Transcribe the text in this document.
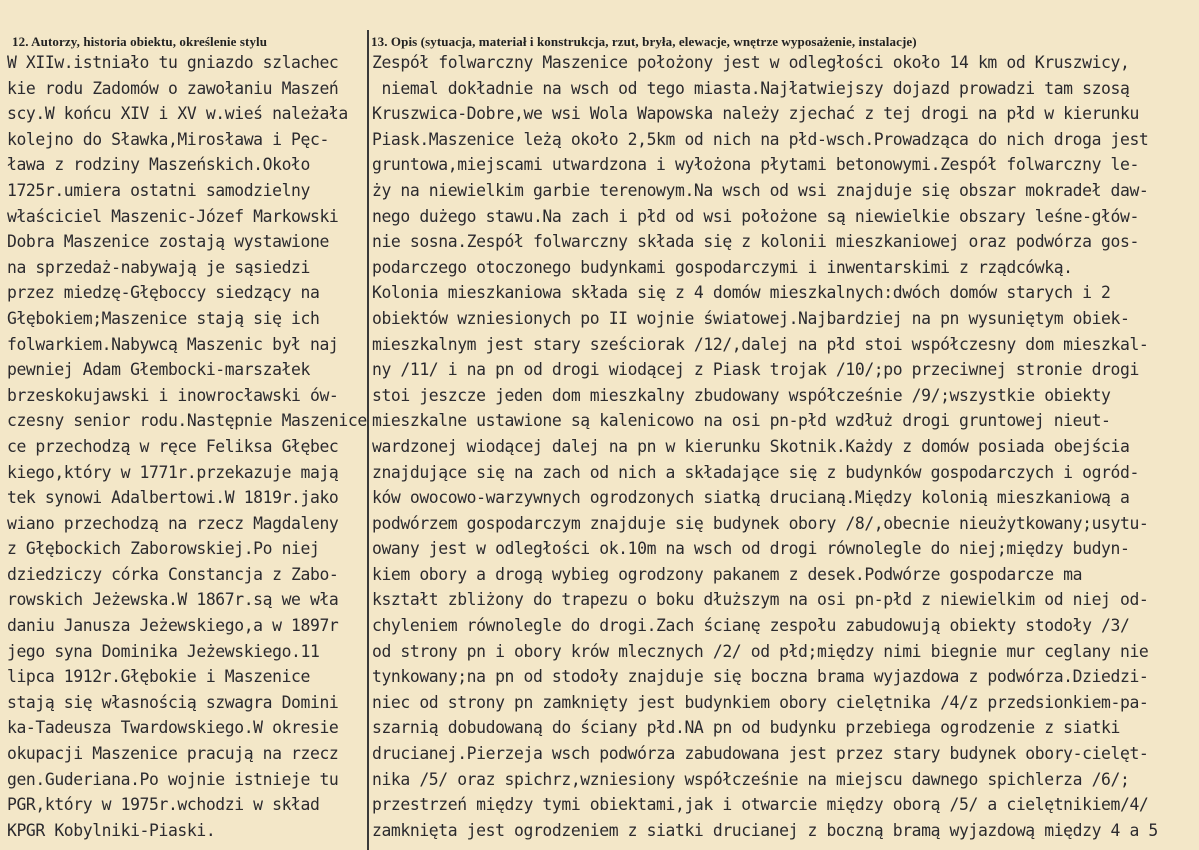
12. Autorzy, historia obiektu, określenie stylu	13. Opis (sytuacja, materiał i konstrukcja, rzut, bryła, elewacje, wnętrze wyposażenie, instalacje)
W XIIw.istniało tu gniazdo szlachec
kie rodu Zadomów o zawołaniu Maszeń
scy.W końcu XIV i XV w.wieś należała
kolejno do Sławka,Mirosława i Pęc-
ława z rodziny Maszeńskich.Około
1725r.umiera ostatni samodzielny
właściciel Maszenic-Józef Markowski
Dobra Maszenice zostają wystawione
na sprzedaż-nabywają je sąsiedzi
przez miedzę-Głęboccy siedzący na
Głębokiem;Maszenice stają się ich
folwarkiem.Nabywcą Maszenic był naj
pewniej Adam Głembocki-marszałek
brzeskokujawski i inowrocławski ów-
czesny senior rodu.Następnie Maszenice
ce przechodzą w ręce Feliksa Głębec
kiego,który w 1771r.przekazuje mają
tek synowi Adalbertowi.W 1819r.jako
wiano przechodzą na rzecz Magdaleny
z Głębockich Zaborowskiej.Po niej
dziedziczy córka Constancja z Zabo-
rowskich Jeżewska.W 1867r.są we wła
daniu Janusza Jeżewskiego,a w 1897r
jego syna Dominika Jeżewskiego.11
lipca 1912r.Głębokie i Maszenice
stają się własnością szwagra Domini
ka-Tadeusza Twardowskiego.W okresie
okupacji Maszenice pracują na rzecz
gen.Guderiana.Po wojnie istnieje tu
PGR,który w 1975r.wchodzi w skład
KPGR Kobylniki-Piaski.
Zespół folwarczny Maszenice położony jest w odległości około 14 km od Kruszwicy,
niemal dokładnie na wsch od tego miasta.Najłatwiejszy dojazd prowadzi tam szosą
Kruszwica-Dobre,we wsi Wola Wapowska należy zjechać z tej drogi na płd w kierunku
Piask.Maszenice leżą około 2,5km od nich na płd-wsch.Prowadząca do nich droga jest
gruntowa,miejscami utwardzona i wyłożona płytami betonowymi.Zespół folwarczny le-
ży na niewielkim garbie terenowym.Na wsch od wsi znajduje się obszar mokradeł daw-
nego dużego stawu.Na zach i płd od wsi położone są niewielkie obszary leśne-głów-
nie sosna.Zespół folwarczny składa się z kolonii mieszkaniowej oraz podwórza gos-
podarczego otoczonego budynkami gospodarczymi i inwentarskimi z rządcówką.
Kolonia mieszkaniowa składa się z 4 domów mieszkalnych:dwóch domów starych i 2
obiektów wzniesionych po II wojnie światowej.Najbardziej na pn wysuniętym obiek-
mieszkalnym jest stary sześciorak /12/,dalej na płd stoi współczesny dom mieszkal-
ny /11/ i na pn od drogi wiodącej z Piask trojak /10/;po przeciwnej stronie drogi
stoi jeszcze jeden dom mieszkalny zbudowany współcześnie /9/;wszystkie obiekty
mieszkalne ustawione są kalenicowo na osi pn-płd wzdłuż drogi gruntowej nieut-
wardzonej wiodącej dalej na pn w kierunku Skotnik.Każdy z domów posiada obejścia
znajdujące się na zach od nich a składające się z budynków gospodarczych i ogród-
ków owocowo-warzywnych ogrodzonych siatką drucianą.Między kolonią mieszkaniową a
podwórzem gospodarczym znajduje się budynek obory /8/,obecnie nieużytkowany;usytu-
owany jest w odległości ok.10m na wsch od drogi równolegle do niej;między budyn-
kiem obory a drogą wybieg ogrodzony pakanem z desek.Podwórze gospodarcze ma
kształt zbliżony do trapezu o boku dłuższym na osi pn-płd z niewielkim od niej od-
chyleniem równolegle do drogi.Zach ścianę zespołu zabudowują obiekty stodoły /3/
od strony pn i obory krów mlecznych /2/ od płd;między nimi biegnie mur ceglany nie
tynkowany;na pn od stodoły znajduje się boczna brama wyjazdowa z podwórza.Dziedzi-
niec od strony pn zamknięty jest budynkiem obory cielętnika /4/z przedsionkiem-pa-
szarnią dobudowaną do ściany płd.NA pn od budynku przebiega ogrodzenie z siatki
drucianej.Pierzeja wsch podwórza zabudowana jest przez stary budynek obory-cielęt-
nika /5/ oraz spichrz,wzniesiony współcześnie na miejscu dawnego spichlerza /6/;
przestrzeń między tymi obiektami,jak i otwarcie między oborą /5/ a cielętnikiem/4/
zamknięta jest ogrodzeniem z siatki drucianej z boczną bramą wyjazdową między 4 a 5
